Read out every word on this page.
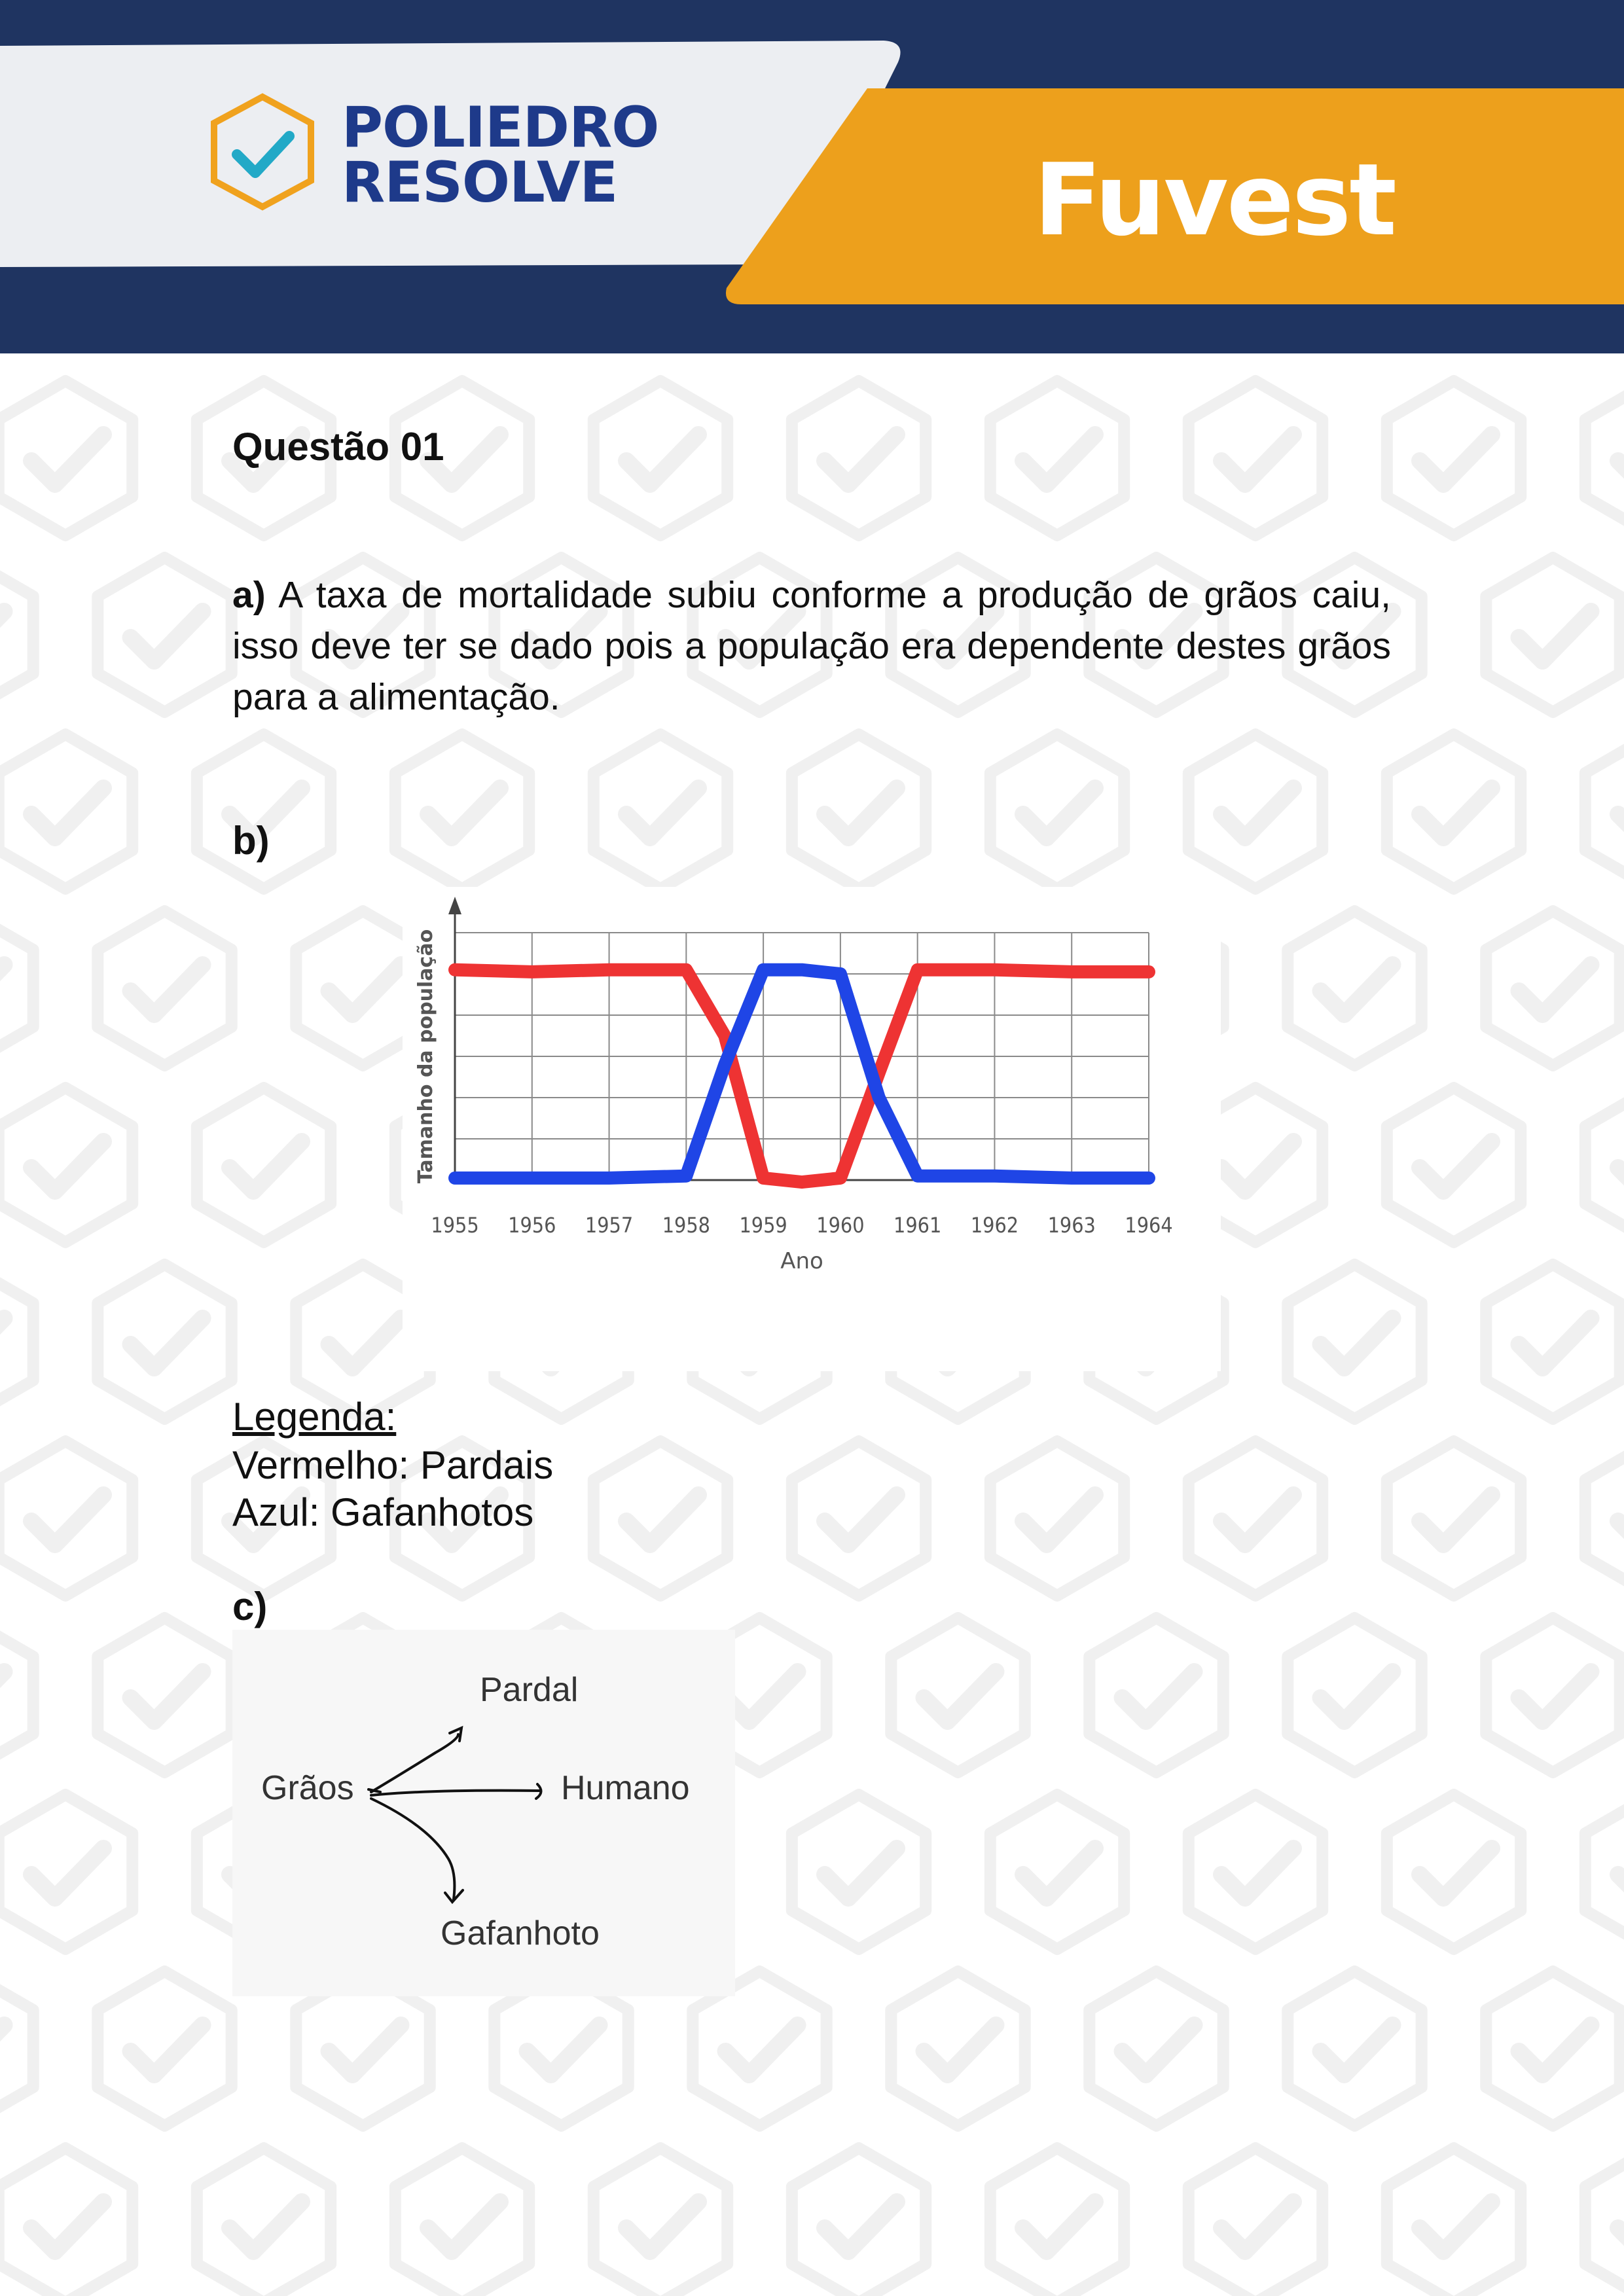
POLIEDRO
RESOLVE	Fuvest
Questão 01
a) A taxa de mortalidade subiu conforme a produção de grãos caiu, isso deve ter se dado pois a população era dependente destes grãos para a alimentação.
b)
1955 1956 1957 1958 1959 1960 1961 1962 1963 1964
Ano
Tamanho da população
Legenda:
Vermelho: Pardais
Azul: Gafanhotos
c)
Pardal
Grãos	Humano
Gafanhoto
